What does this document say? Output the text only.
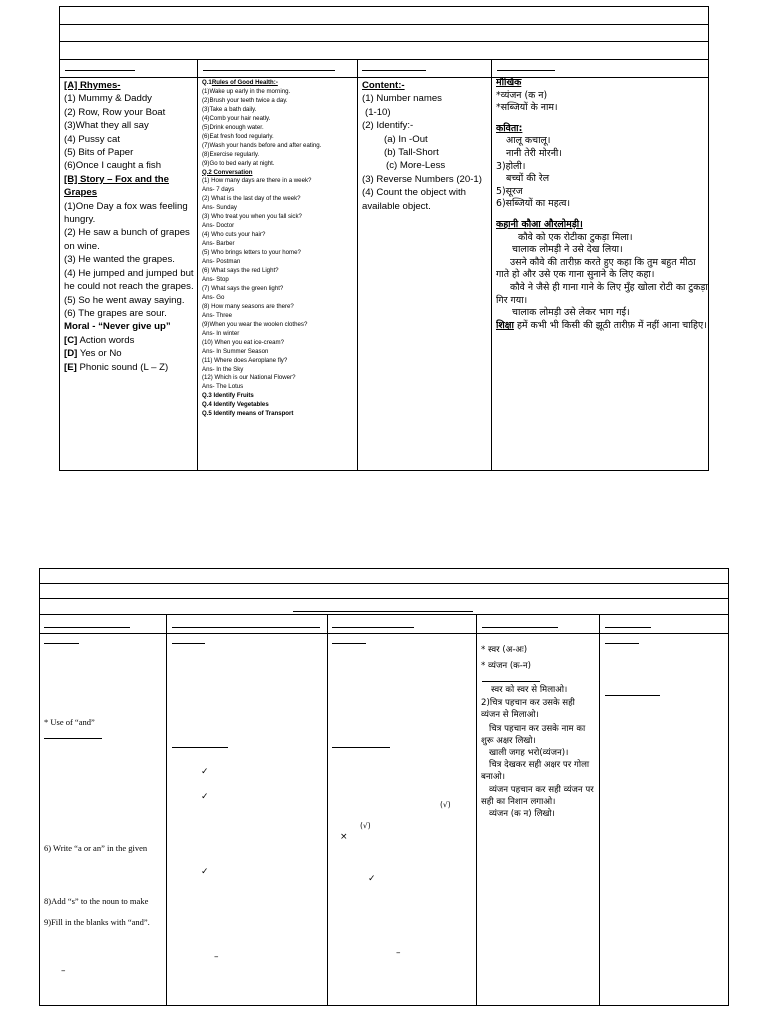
[A] Rhymes-
(1) Mummy & Daddy
(2) Row, Row your Boat
(3)What they all say
(4) Pussy cat
(5) Bits of Paper
(6)Once I caught a fish
[B] Story – Fox and the Grapes
(1)One Day a fox was feeling hungry.
(2) He saw a bunch of grapes on wine.
(3) He wanted the grapes.
(4) He jumped and jumped but he could not reach the grapes.
(5) So he went away saying.
(6) The grapes are sour.
Moral - “Never give up”
[C] Action words
[D] Yes or No
[E] Phonic sound (L – Z)
Q.1Rules of Good Health:-
(1)Wake up early in the morning.
(2)Brush your teeth twice a day.
(3)Take a bath daily.
(4)Comb your hair neatly.
(5)Drink enough water.
(6)Eat fresh food regularly.
(7)Wash your hands before and after eating.
(8)Exercise regularly.
(9)Go to bed early at night.
Q.2 Conversation
(1) How many days are there in a week?
Ans- 7 days
(2) What is the last day of the week?
Ans- Sunday
(3) Who treat you when you fall sick?
Ans- Doctor
(4) Who cuts your hair?
Ans- Barber
(5) Who brings letters to your home?
Ans- Postman
(6) What says the red Light?
Ans- Stop
(7) What says the green light?
Ans- Go
(8) How many seasons are there?
Ans- Three
(9)When you wear the woolen clothes?
Ans- In winter
(10) When you eat ice-cream?
Ans- In Summer Season
(11) Where does Aeroplane fly?
Ans- In the Sky
(12) Which is our National Flower?
Ans- The Lotus
Q.3 Identify Fruits
Q.4 Identify Vegetables
Q.5 Identify means of Transport
Content:-
(1) Number names
(1-10)
(2) Identify:-
(a) In -Out
(b) Tall-Short
(c) More-Less
(3) Reverse Numbers (20-1)
(4) Count the object with available object.
मौखिक
*व्यंजन (क न)
*सब्जियों के नाम।
कविता:
आलू कचालू।
नानी तेरी मोरनी।
3)होली।
बच्चों की रेल
5)सूरज
6)सब्जियों का महत्व।
कहानी कौआ औरलोमड़ी।
कौवे को एक रोटीका टुकड़ा मिला।
चालाक लोमड़ी ने उसे देख लिया।
उसने कौवे की तारीफ़ करते हुए कहा कि तुम बहुत मीठा गाते हो और उसे एक गाना सुनाने के लिए कहा।
कौवे ने जैसे ही गाना गाने के लिए मुँह खोला रोटी का टुकड़ा गिर गया।
चालाक लोमड़ी उसे लेकर भाग गई।
शिक्षा हमें कभी भी किसी की झूठी तारीफ़ में नहीं आना चाहिए।
* Use of “and”
6) Write “a or an” in the given
8)Add “s” to the noun to make
9)Fill in the blanks with “and”.
–
✓
✓
✓
–
(√)
(√)
×
✓
–
* स्वर (अ-अः)
* व्यंजन (क-न)
स्वर को स्वर से मिलाओ।
2)चित्र पहचान कर उसके सही व्यंजन से मिलाओ।
चित्र पहचान कर उसके नाम का शुरू अक्षर लिखो।
खाली जगह भरो(व्यंजन)।
चित्र देखकर सही अक्षर पर गोला बनाओ।
व्यंजन पहचान कर सही व्यंजन पर सही का निशान लगाओ।
व्यंजन (क न) लिखो।
